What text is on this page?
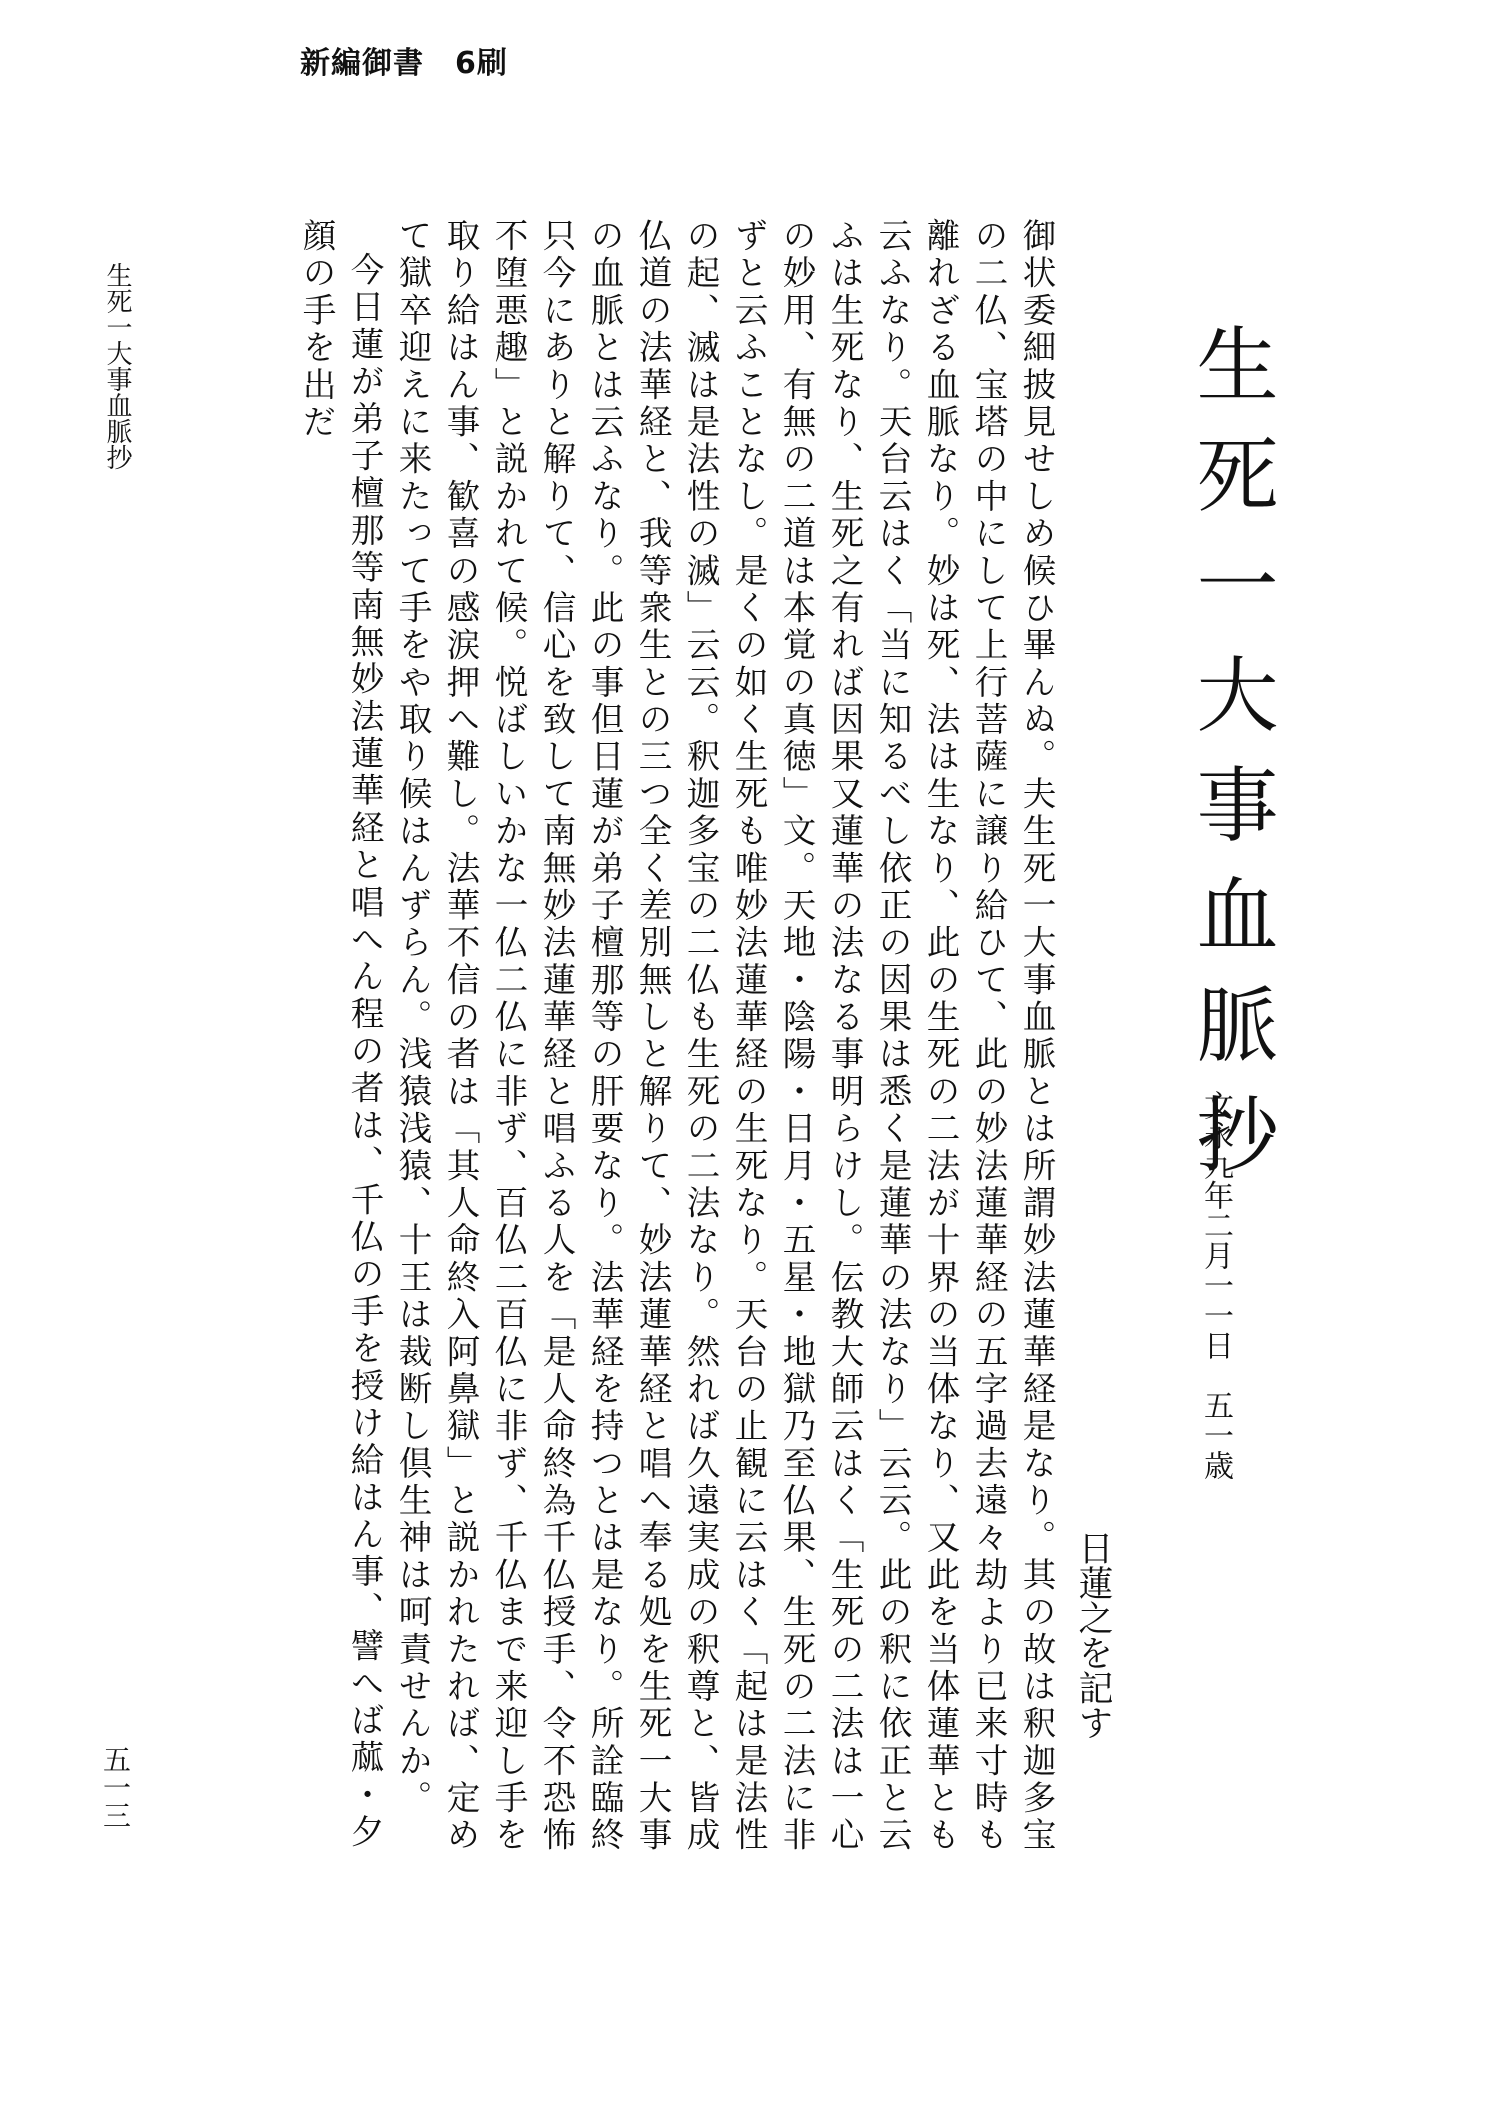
新編御書　6刷
生死一大事血脈抄
文永九年二月一一日　五一歳
日蓮之を記す

御状委細披見せしめ候ひ畢んぬ。夫生死一大事血脈とは所謂妙法蓮華経是なり。其の故は釈迦多宝の二仏、宝塔の中にして上行菩薩に譲り給ひて、此の妙法蓮華経の五字過去遠々劫より已来寸時も離れざる血脈なり。妙は死、法は生なり、此の生死の二法が十界の当体なり、又此を当体蓮華とも云ふなり。天台云はく「当に知るべし依正の因果は悉く是蓮華の法なり」云云。此の釈に依正と云ふは生死なり、生死之有れば因果又蓮華の法なる事明らけし。伝教大師云はく「生死の二法は一心の妙用、有無の二道は本覚の真徳」文。天地・陰陽・日月・五星・地獄乃至仏果、生死の二法に非ずと云ふことなし。是くの如く生死も唯妙法蓮華経の生死なり。天台の止観に云はく「起は是法性の起、滅は是法性の滅」云云。釈迦多宝の二仏も生死の二法なり。然れば久遠実成の釈尊と、皆成仏道の法華経と、我等衆生との三つ全く差別無しと解りて、妙法蓮華経と唱へ奉る処を生死一大事の血脈とは云ふなり。此の事但日蓮が弟子檀那等の肝要なり。法華経を持つとは是なり。所詮臨終只今にありと解りて、信心を致して南無妙法蓮華経と唱ふる人を「是人命終為千仏授手、令不恐怖不堕悪趣」と説かれて候。悦ばしいかな一仏二仏に非ず、百仏二百仏に非ず、千仏まで来迎し手を取り給はん事、歓喜の感涙押へ難し。法華不信の者は「其人命終入阿鼻獄」と説かれたれば、定めて獄卒迎えに来たって手をや取り候はんずらん。浅猿浅猿、十王は裁断し倶生神は呵責せんか。

今日蓮が弟子檀那等南無妙法蓮華経と唱へん程の者は、千仏の手を授け給はん事、譬へば蓏・夕顔の手を出だ

生死一大事血脈抄
五一三
